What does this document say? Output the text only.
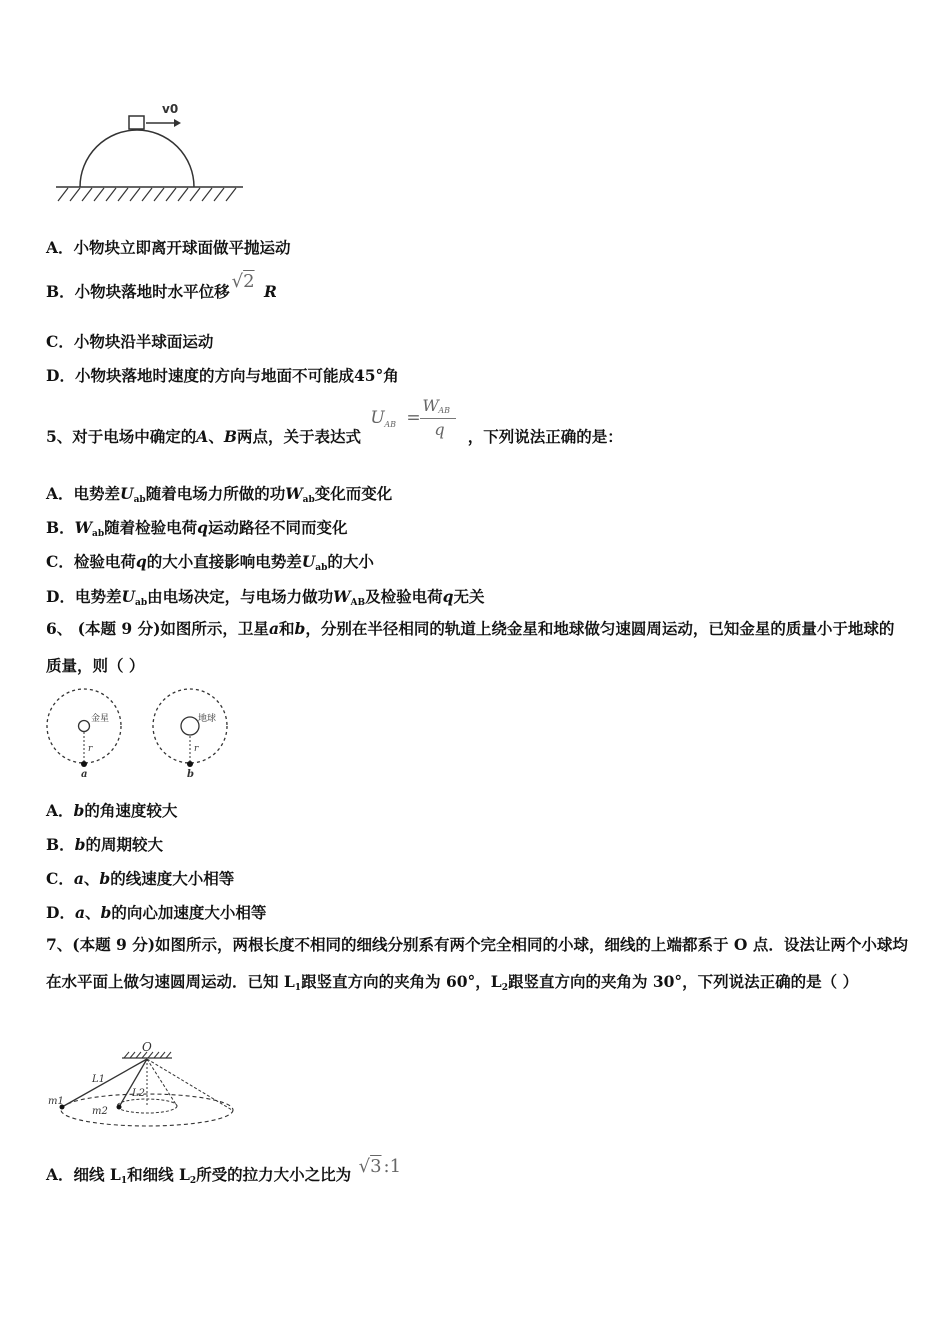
v0
A．小物块立即离开球面做平抛运动
B．小物块落地时水平位移 √2 R
C．小物块沿半球面运动
D．小物块落地时速度的方向与地面不可能成45°角
5、对于电场中确定的A、B两点，关于表达式
U AB =
W AB
q ，下列说法正确的是：
A．电势差$U_{ab}$随着电场力所做的功$W_{ab}$变化而变化
B．$W_{ab}$随着检验电荷q运动路径不同而变化
C．检验电荷q的大小直接影响电势差$U_{ab}$的大小
D．电势差$U_{ab}$由电场决定，与电场力做功$W_{AB}$及检验电荷q无关
6、 (本题 9 分)如图所示，卫星a和b，分别在半径相同的轨道上绕金星和地球做匀速圆周运动，已知金星的质量小于地球的质量，则（ ）
金星
r
a
地球
r
b
A．b的角速度较大
B．b的周期较大
C．a、b的线速度大小相等
D．a、b的向心加速度大小相等
7、(本题 9 分)如图所示，两根长度不相同的细线分别系有两个完全相同的小球，细线的上端都系于 O 点．设法让两个小球均在水平面上做匀速圆周运动．已知 $L_1$跟竖直方向的夹角为 60°，$L_2$跟竖直方向的夹角为 30°，下列说法正确的是（ ）
O
L1
L2
m1
m2
A．细线 $L_1$和细线 $L_2$所受的拉力大小之比为 √3 :1
